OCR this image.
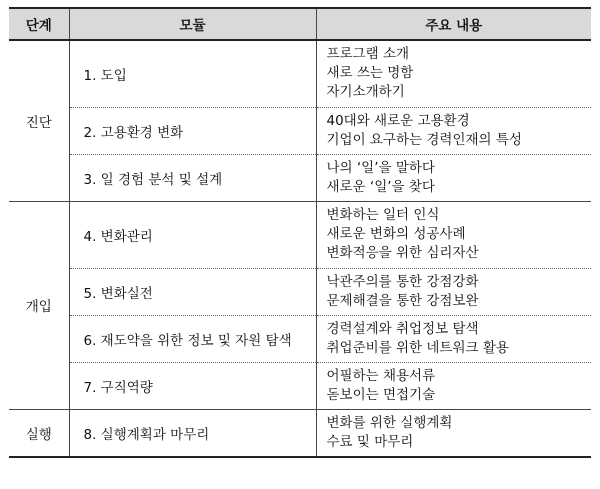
단계	모듈	주요 내용
진단	1. 도입	프로그램 소개
새로 쓰는 명함
자기소개하기

	2. 고용환경 변화	40대와 새로운 고용환경
기업이 요구하는 경력인재의 특성

	3. 일 경험 분석 및 설계	나의 ‘일’을 말하다
새로운 ‘일’을 찾다

개입	4. 변화관리	변화하는 일터 인식
새로운 변화의 성공사례
변화적응을 위한 심리자산

	5. 변화실전	낙관주의를 통한 강점강화
문제해결을 통한 강점보완

	6. 재도약을 위한 정보 및 자원 탐색	경력설계와 취업정보 탐색
취업준비를 위한 네트워크 활용

	7. 구직역량	어필하는 채용서류
돋보이는 면접기술

실행	8. 실행계획과 마무리	변화를 위한 실행계획
수료 및 마무리
